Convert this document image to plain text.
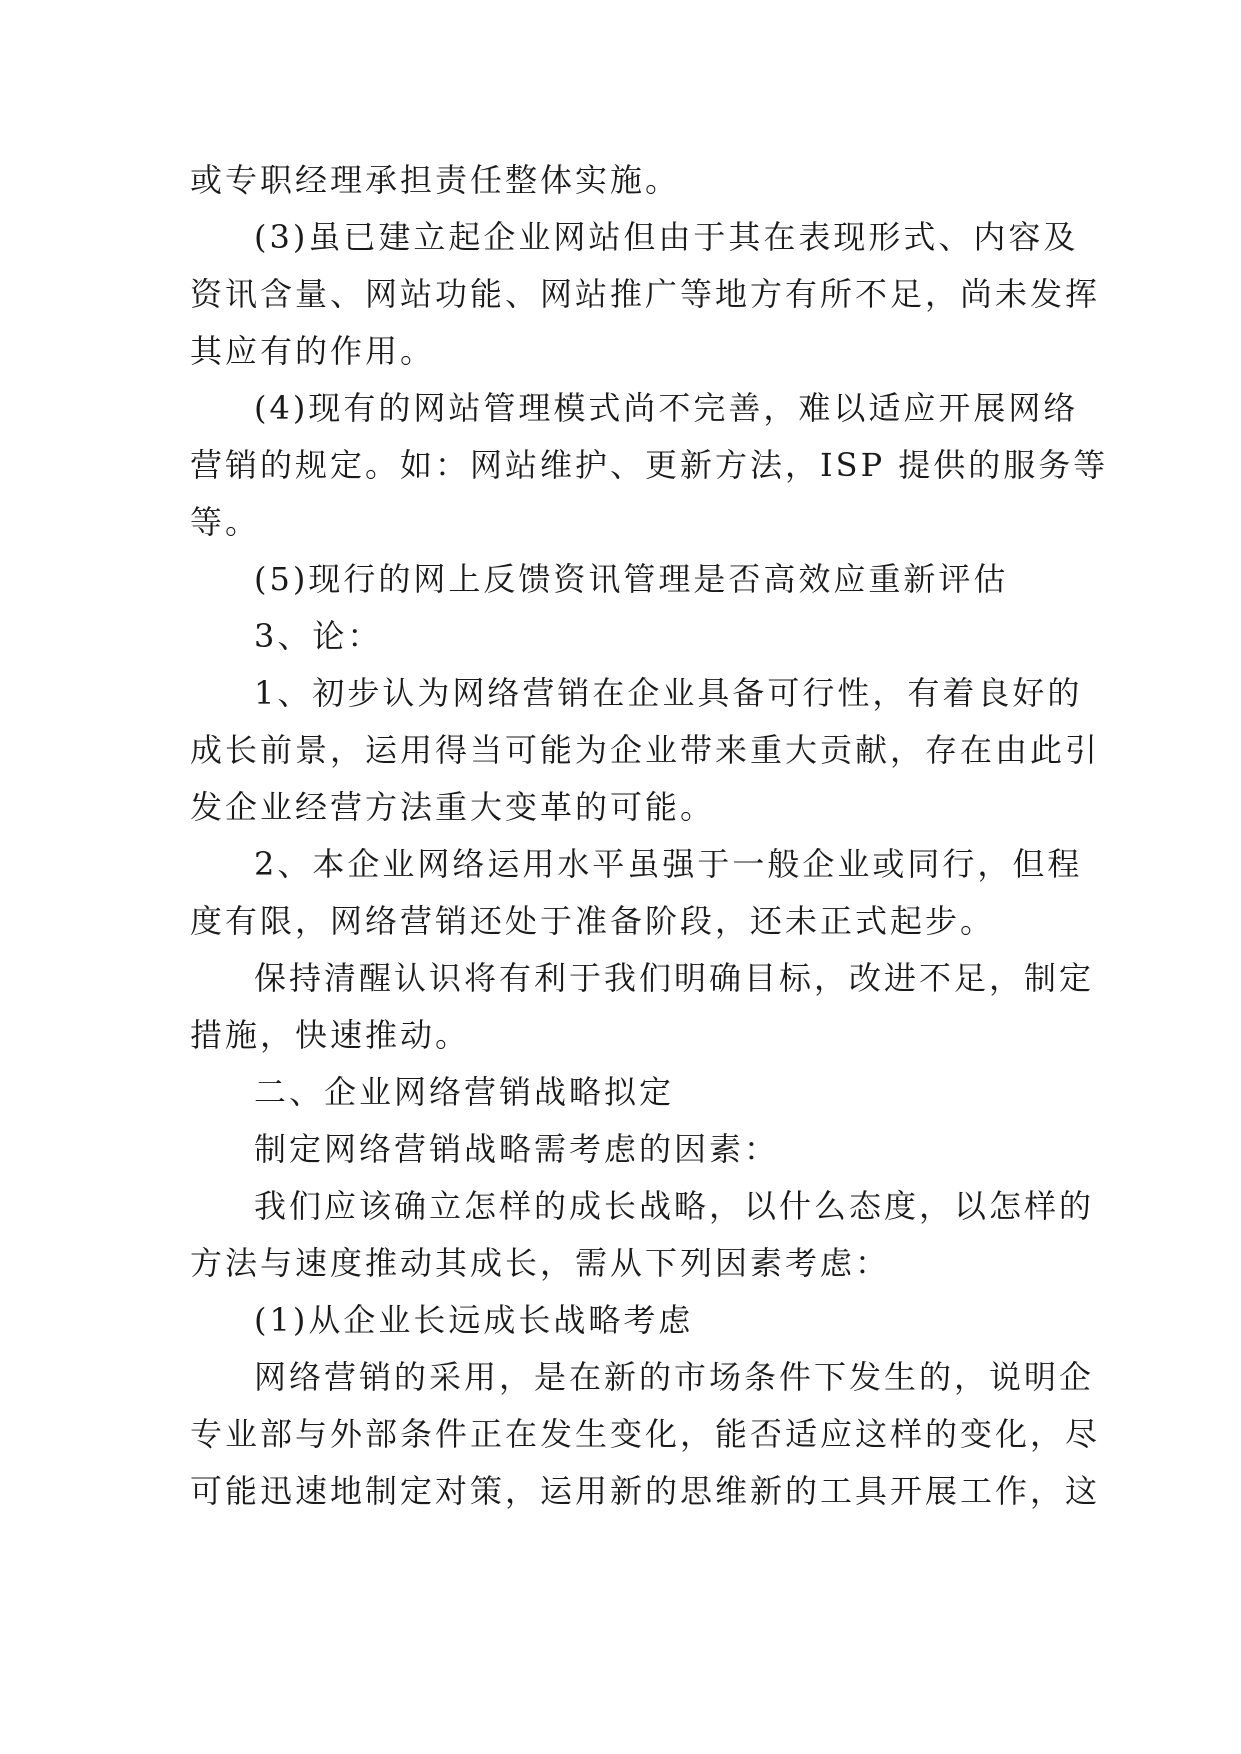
或专职经理承担责任整体实施。

(3)虽已建立起企业网站但由于其在表现形式、内容及

资讯含量、网站功能、网站推广等地方有所不足，尚未发挥

其应有的作用。

(4)现有的网站管理模式尚不完善，难以适应开展网络

营销的规定。如：网站维护、更新方法，ISP 提供的服务等

等。

(5)现行的网上反馈资讯管理是否高效应重新评估

3、论：

1、初步认为网络营销在企业具备可行性，有着良好的

成长前景，运用得当可能为企业带来重大贡献，存在由此引

发企业经营方法重大变革的可能。

2、本企业网络运用水平虽强于一般企业或同行，但程

度有限，网络营销还处于准备阶段，还未正式起步。

保持清醒认识将有利于我们明确目标，改进不足，制定

措施，快速推动。

二、企业网络营销战略拟定

制定网络营销战略需考虑的因素：

我们应该确立怎样的成长战略，以什么态度，以怎样的

方法与速度推动其成长，需从下列因素考虑：

(1)从企业长远成长战略考虑

网络营销的采用，是在新的市场条件下发生的，说明企

专业部与外部条件正在发生变化，能否适应这样的变化，尽

可能迅速地制定对策，运用新的思维新的工具开展工作，这
